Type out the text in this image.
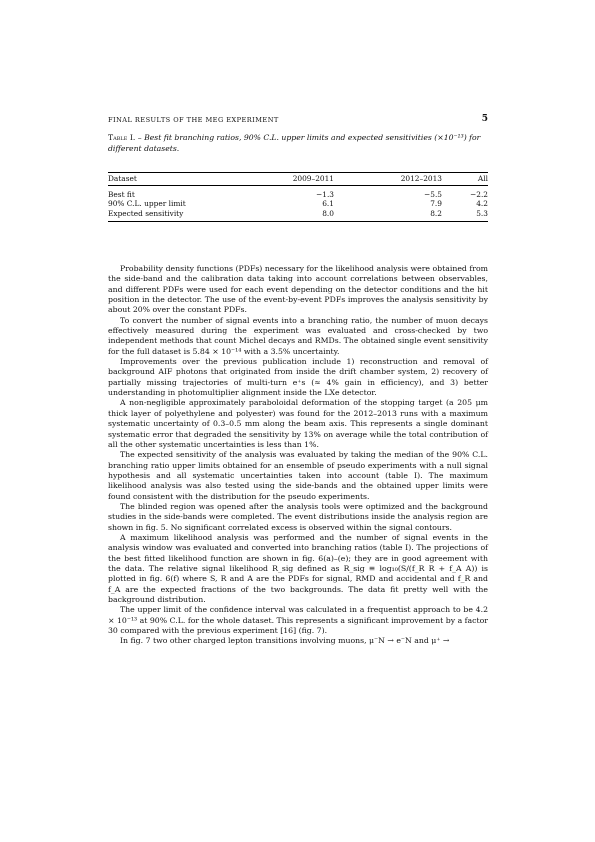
FINAL RESULTS OF THE MEG EXPERIMENT	5
Table I. – Best fit branching ratios, 90% C.L. upper limits and expected sensitivities (×10⁻¹³) for different datasets.
Dataset	2009–2011	2012–2013	All
Best fit	−1.3	−5.5	−2.2
90% C.L. upper limit	6.1	7.9	4.2
Expected sensitivity	8.0	8.2	5.3

Probability density functions (PDFs) necessary for the likelihood analysis were obtained from the side-band and the calibration data taking into account correlations between observables, and different PDFs were used for each event depending on the detector conditions and the hit position in the detector. The use of the event-by-event PDFs improves the analysis sensitivity by about 20% over the constant PDFs.

To convert the number of signal events into a branching ratio, the number of muon decays effectively measured during the experiment was evaluated and cross-checked by two independent methods that count Michel decays and RMDs. The obtained single event sensitivity for the full dataset is 5.84 × 10⁻¹⁴ with a 3.5% uncertainty.

Improvements over the previous publication include 1) reconstruction and removal of background AIF photons that originated from inside the drift chamber system, 2) recovery of partially missing trajectories of multi-turn e⁺s (≈ 4% gain in efficiency), and 3) better understanding in photomultiplier alignment inside the LXe detector.

A non-negligible approximately paraboloidal deformation of the stopping target (a 205 μm thick layer of polyethylene and polyester) was found for the 2012–2013 runs with a maximum systematic uncertainty of 0.3–0.5 mm along the beam axis. This represents a single dominant systematic error that degraded the sensitivity by 13% on average while the total contribution of all the other systematic uncertainties is less than 1%.

The expected sensitivity of the analysis was evaluated by taking the median of the 90% C.L. branching ratio upper limits obtained for an ensemble of pseudo experiments with a null signal hypothesis and all systematic uncertainties taken into account (table I). The maximum likelihood analysis was also tested using the side-bands and the obtained upper limits were found consistent with the distribution for the pseudo experiments.

The blinded region was opened after the analysis tools were optimized and the background studies in the side-bands were completed. The event distributions inside the analysis region are shown in fig. 5. No significant correlated excess is observed within the signal contours.

A maximum likelihood analysis was performed and the number of signal events in the analysis window was evaluated and converted into branching ratios (table I). The projections of the best fitted likelihood function are shown in fig. 6(a)–(e); they are in good agreement with the data. The relative signal likelihood R_sig defined as R_sig ≡ log₁₀(S/(f_R R + f_A A)) is plotted in fig. 6(f) where S, R and A are the PDFs for signal, RMD and accidental and f_R and f_A are the expected fractions of the two backgrounds. The data fit pretty well with the background distribution.

The upper limit of the confidence interval was calculated in a frequentist approach to be 4.2 × 10⁻¹³ at 90% C.L. for the whole dataset. This represents a significant improvement by a factor 30 compared with the previous experiment [16] (fig. 7).

In fig. 7 two other charged lepton transitions involving muons, μ⁻N → e⁻N and μ⁺ →
